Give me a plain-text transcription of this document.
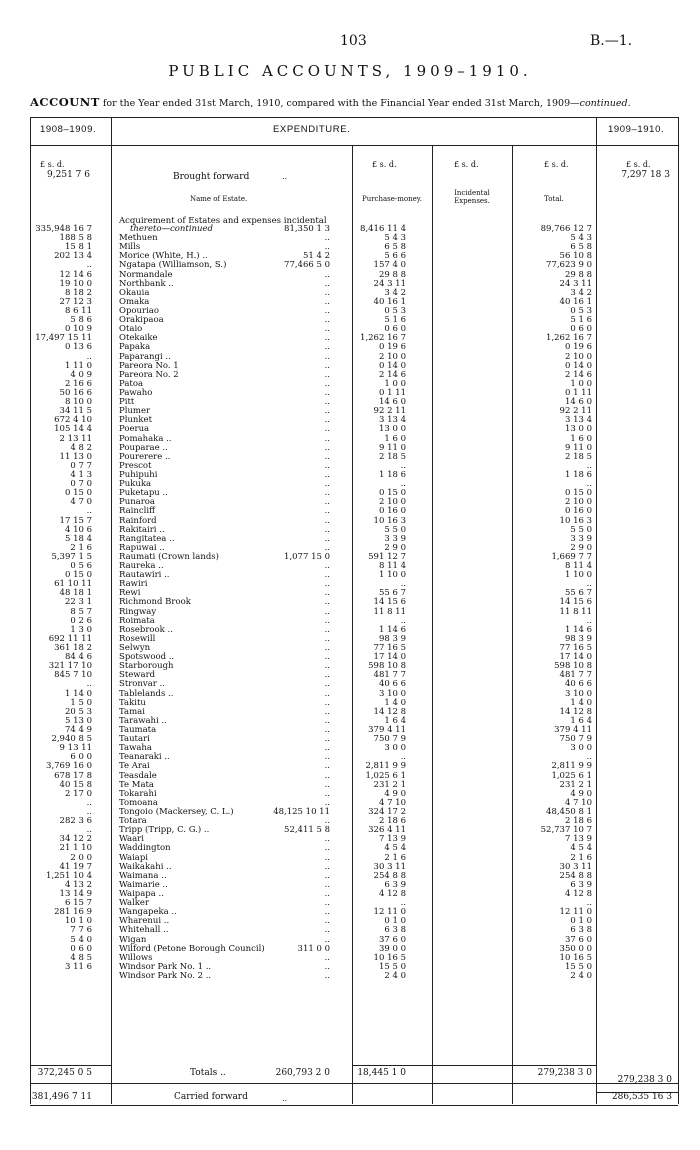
103	B.—1.
PUBLIC ACCOUNTS, 1909–1910.
ACCOUNT for the Year ended 31st March, 1910, compared with the Financial Year ended 31st March, 1909—continued.
1908–1909.	EXPENDITURE.	1909–1910.
£ s. d.	£ s. d.	£ s. d.	£ s. d.	£ s. d.
9,251 7 6	Brought forward	..	7,297 18 3
Name of Estate.	Purchase-money.
Incidental Expenses.	Total.
Acquirement of Estates and expenses incidental
335,948 16 7	thereto—continued	81,350 1 3	8,416 11 4	89,766 12 7
188 5 8	Methuen	..	5 4 3	5 4 3
15 8 1	Mills	..	6 5 8	6 5 8
202 13 4	Morice (White, H.) ..	51 4 2	5 6 6	56 10 8
..	Ngatapa (Williamson, S.)	77,466 5 0	157 4 0	77,623 9 0
12 14 6	Normandale	..	29 8 8	29 8 8
19 10 0	Northbank ..	..	24 3 11	24 3 11
8 18 2	Okauia	..	3 4 2	3 4 2
27 12 3	Omaka	..	40 16 1	40 16 1
8 6 11	Opouriao	..	0 5 3	0 5 3
5 8 6	Orakipaoa	..	5 1 6	5 1 6
0 10 9	Otaio	..	0 6 0	0 6 0
17,497 15 11	Otekaike	..	1,262 16 7	1,262 16 7
0 13 6	Papaka	..	0 19 6	0 19 6
..	Paparangi ..	..	2 10 0	2 10 0
1 11 0	Pareora No. 1	..	0 14 0	0 14 0
4 0 9	Pareora No. 2	..	2 14 6	2 14 6
2 16 6	Patoa	..	1 0 0	1 0 0
50 16 6	Pawaho	..	0 1 11	0 1 11
8 10 0	Pitt	..	14 6 0	14 6 0
34 11 5	Plumer	..	92 2 11	92 2 11
672 4 10	Plunket	..	3 13 4	3 13 4
105 14 4	Poerua	..	13 0 0	13 0 0
2 13 11	Pomahaka ..	..	1 6 0	1 6 0
4 8 2	Pouparae ..	..	9 11 0	9 11 0
11 13 0	Pourerere ..	..	2 18 5	2 18 5
0 7 7	Prescot	..	..	..
4 1 3	Puhipuhi	..	1 18 6	1 18 6
0 7 0	Pukuka	..	..	..
0 15 0	Puketapu ..	..	0 15 0	0 15 0
4 7 0	Punaroa	..	2 10 0	2 10 0
..	Raincliff	..	0 16 0	0 16 0
17 15 7	Rainford	..	10 16 3	10 16 3
4 10 6	Rakitairi ..	..	5 5 0	5 5 0
5 18 4	Rangitatea ..	..	3 3 9	3 3 9
2 1 6	Rapuwai ..	..	2 9 0	2 9 0
5,397 1 5	Raumati (Crown lands)	1,077 15 0	591 12 7	1,669 7 7
0 5 6	Raureka ..	..	8 11 4	8 11 4
0 15 0	Rautawiri ..	..	1 10 0	1 10 0
61 10 11	Rawiri	..	..	..
48 18 1	Rewi	..	55 6 7	55 6 7
22 3 1	Richmond Brook	..	14 15 6	14 15 6
8 5 7	Ringway	..	11 8 11	11 8 11
0 2 6	Roimata	..	..	..
1 3 0	Rosebrook ..	..	1 14 6	1 14 6
692 11 11	Rosewill	..	98 3 9	98 3 9
361 18 2	Selwyn	..	77 16 5	77 16 5
84 4 6	Spotswood ..	..	17 14 0	17 14 0
321 17 10	Starborough	..	598 10 8	598 10 8
845 7 10	Steward	..	481 7 7	481 7 7
..	Stronvar ..	..	40 6 6	40 6 6
1 14 0	Tablelands ..	..	3 10 0	3 10 0
1 5 0	Takitu	..	1 4 0	1 4 0
20 5 3	Tamai	..	14 12 8	14 12 8
5 13 0	Tarawahi ..	..	1 6 4	1 6 4
74 4 9	Taumata	..	379 4 11	379 4 11
2,940 8 5	Tautari	..	750 7 9	750 7 9
9 13 11	Tawaha	..	3 0 0	3 0 0
6 0 0	Teanaraki ..	..	..	..
3,769 16 0	Te Arai	..	2,811 9 9	2,811 9 9
678 17 8	Teasdale	..	1,025 6 1	1,025 6 1
40 15 8	Te Mata	..	231 2 1	231 2 1
2 17 0	Tokarahi	..	4 9 0	4 9 0
..	Tomoana	..	4 7 10	4 7 10
..	Tongoio (Mackersey, C. L.)	48,125 10 11	324 17 2	48,450 8 1
282 3 6	Totara	..	2 18 6	2 18 6
..	Tripp (Tripp, C. G.) ..	52,411 5 8	326 4 11	52,737 10 7
34 12 2	Waari	..	7 13 9	7 13 9
21 1 10	Waddington	..	4 5 4	4 5 4
2 0 0	Waiapi	..	2 1 6	2 1 6
41 19 7	Waikakahi ..	..	30 3 11	30 3 11
1,251 10 4	Waimana ..	..	254 8 8	254 8 8
4 13 2	Waimarie ..	..	6 3 9	6 3 9
13 14 9	Waipapa ..	..	4 12 8	4 12 8
6 15 7	Walker	..	..	..
281 16 9	Wangapeka ..	..	12 11 0	12 11 0
10 1 0	Wharenui ..	..	0 1 0	0 1 0
7 7 6	Whitehall ..	..	6 3 8	6 3 8
5 4 0	Wigan	..	37 6 0	37 6 0
0 6 0	Wilford (Petone Borough Council)	311 0 0	39 0 0	350 0 0
4 8 5	Willows	..	10 16 5	10 16 5
3 11 6	Windsor Park No. 1 ..	..	15 5 0	15 5 0
Windsor Park No. 2 ..	..	2 4 0	2 4 0
372,245 0 5	Totals ..	260,793 2 0	18,445 1 0	279,238 3 0
279,238 3 0
381,496 7 11	Carried forward	..	286,535 16 3
